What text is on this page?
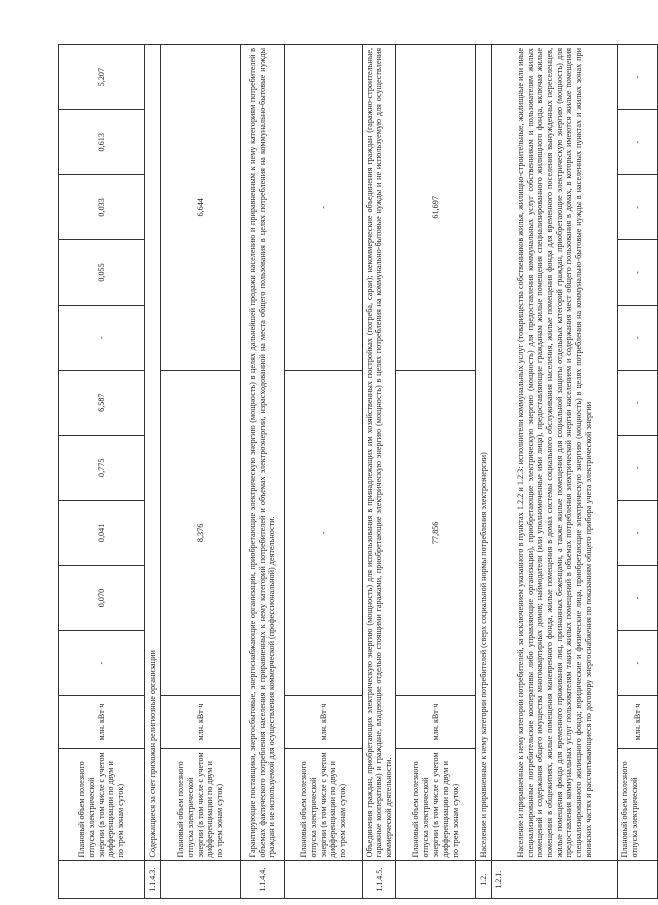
	Плановый объем полезного отпуска электрической энергии (в том числе с учетом дифференциации по двум и по трем зонам суток)	млн. кВт·ч	-	0,070	0,041	0,775	6,587	-	0,055	0,033	0,613	5,207
1.1.4.3.	Содержащиеся за счет прихожан религиозные организации											
	Плановый объем полезного отпуска электрической энергии (в том числе с учетом дифференциации по двум и по трем зонам суток)	млн. кВт·ч	8,376					6,644				
1.1.4.4.	Гарантирующие поставщики, энергосбытовые, энергоснабжающие организации, приобретающие электрическую энергию (мощность) в целях дальнейшей продажи населению и приравненным к нему категориям потребителей в объемах фактического потребления населения и приравненных к нему категорий потребителей и объемах электроэнергии, израсходованной на места общего пользования в целях потребления на коммунально-бытовые нужды граждан и не используемой для осуществления коммерческой (профессиональной) деятельности.											
	Плановый объем полезного отпуска электрической энергии (в том числе с учетом дифференциации по двум и по трем зонам суток)	млн. кВт·ч	-					-				
1.1.4.5.	Объединения граждан, приобретающих электрическую энергию (мощность) для использования в принадлежащих им хозяйственных постройках (погреба, сараи); некоммерческие объединения граждан (гаражно-строительные, гаражные кооперативы) и граждане, владеющие отдельно стоящими гаражами, приобретающие электрическую энергию (мощность) в целях потребления на коммунально-бытовые нужды и не используемую для осуществления коммерческой деятельности.											
	Плановый объем полезного отпуска электрической энергии (в том числе с учетом дифференциации по двум и по трем зонам суток)	млн. кВт·ч	77,856					61,697				
1.2.	Население и приравненные к нему категории потребителей (сверх социальной нормы потребления электроэнергии)											
1.2.1.	Население и приравненные к нему категории потребителей, за исключением указанного в пунктах 1.2.2 и 1.2.3: исполнители коммунальных услуг (товарищества собственников жилья, жилищно-строительные, жилищные или иные специализированные потребительские кооперативы либо управляющие организации), приобретающие электрическую энергию (мощность) для предоставления коммунальных услуг собственникам и пользователям жилых помещений и содержания общего имущества многоквартирных домов; наймодатели (или уполномоченные ими лица), предоставляющие гражданам жилые помещения специализированного жилищного фонда, включая жилые помещения в общежитиях, жилые помещения маневренного фонда, жилые помещения в домах системы социального обслуживания населения, жилые помещения фонда для временного поселения вынужденных переселенцев, жилые помещения фонда для временного проживания лиц, признанных беженцами, а также жилые помещения для социальной защиты отдельных категорий граждан, приобретающие электрическую энергию (мощность) для предоставления коммунальных услуг пользователям таких жилых помещений в объемах потребления электрической энергии населением и содержания мест общего пользования в домах, в которых имеются жилые помещения специализированного жилищного фонда; юридические и физические лица, приобретающие электрическую энергию (мощность) в целях потребления на коммунально-бытовые нужды в населенных пунктах и жилых зонах при воинских частях и рассчитывающиеся по договору энергоснабжения по показаниям общего прибора учета электрической энергии											
	Плановый объем полезного отпуска электрической	млн. кВт·ч	-	-	-	-	-	-	-	-	-	-
